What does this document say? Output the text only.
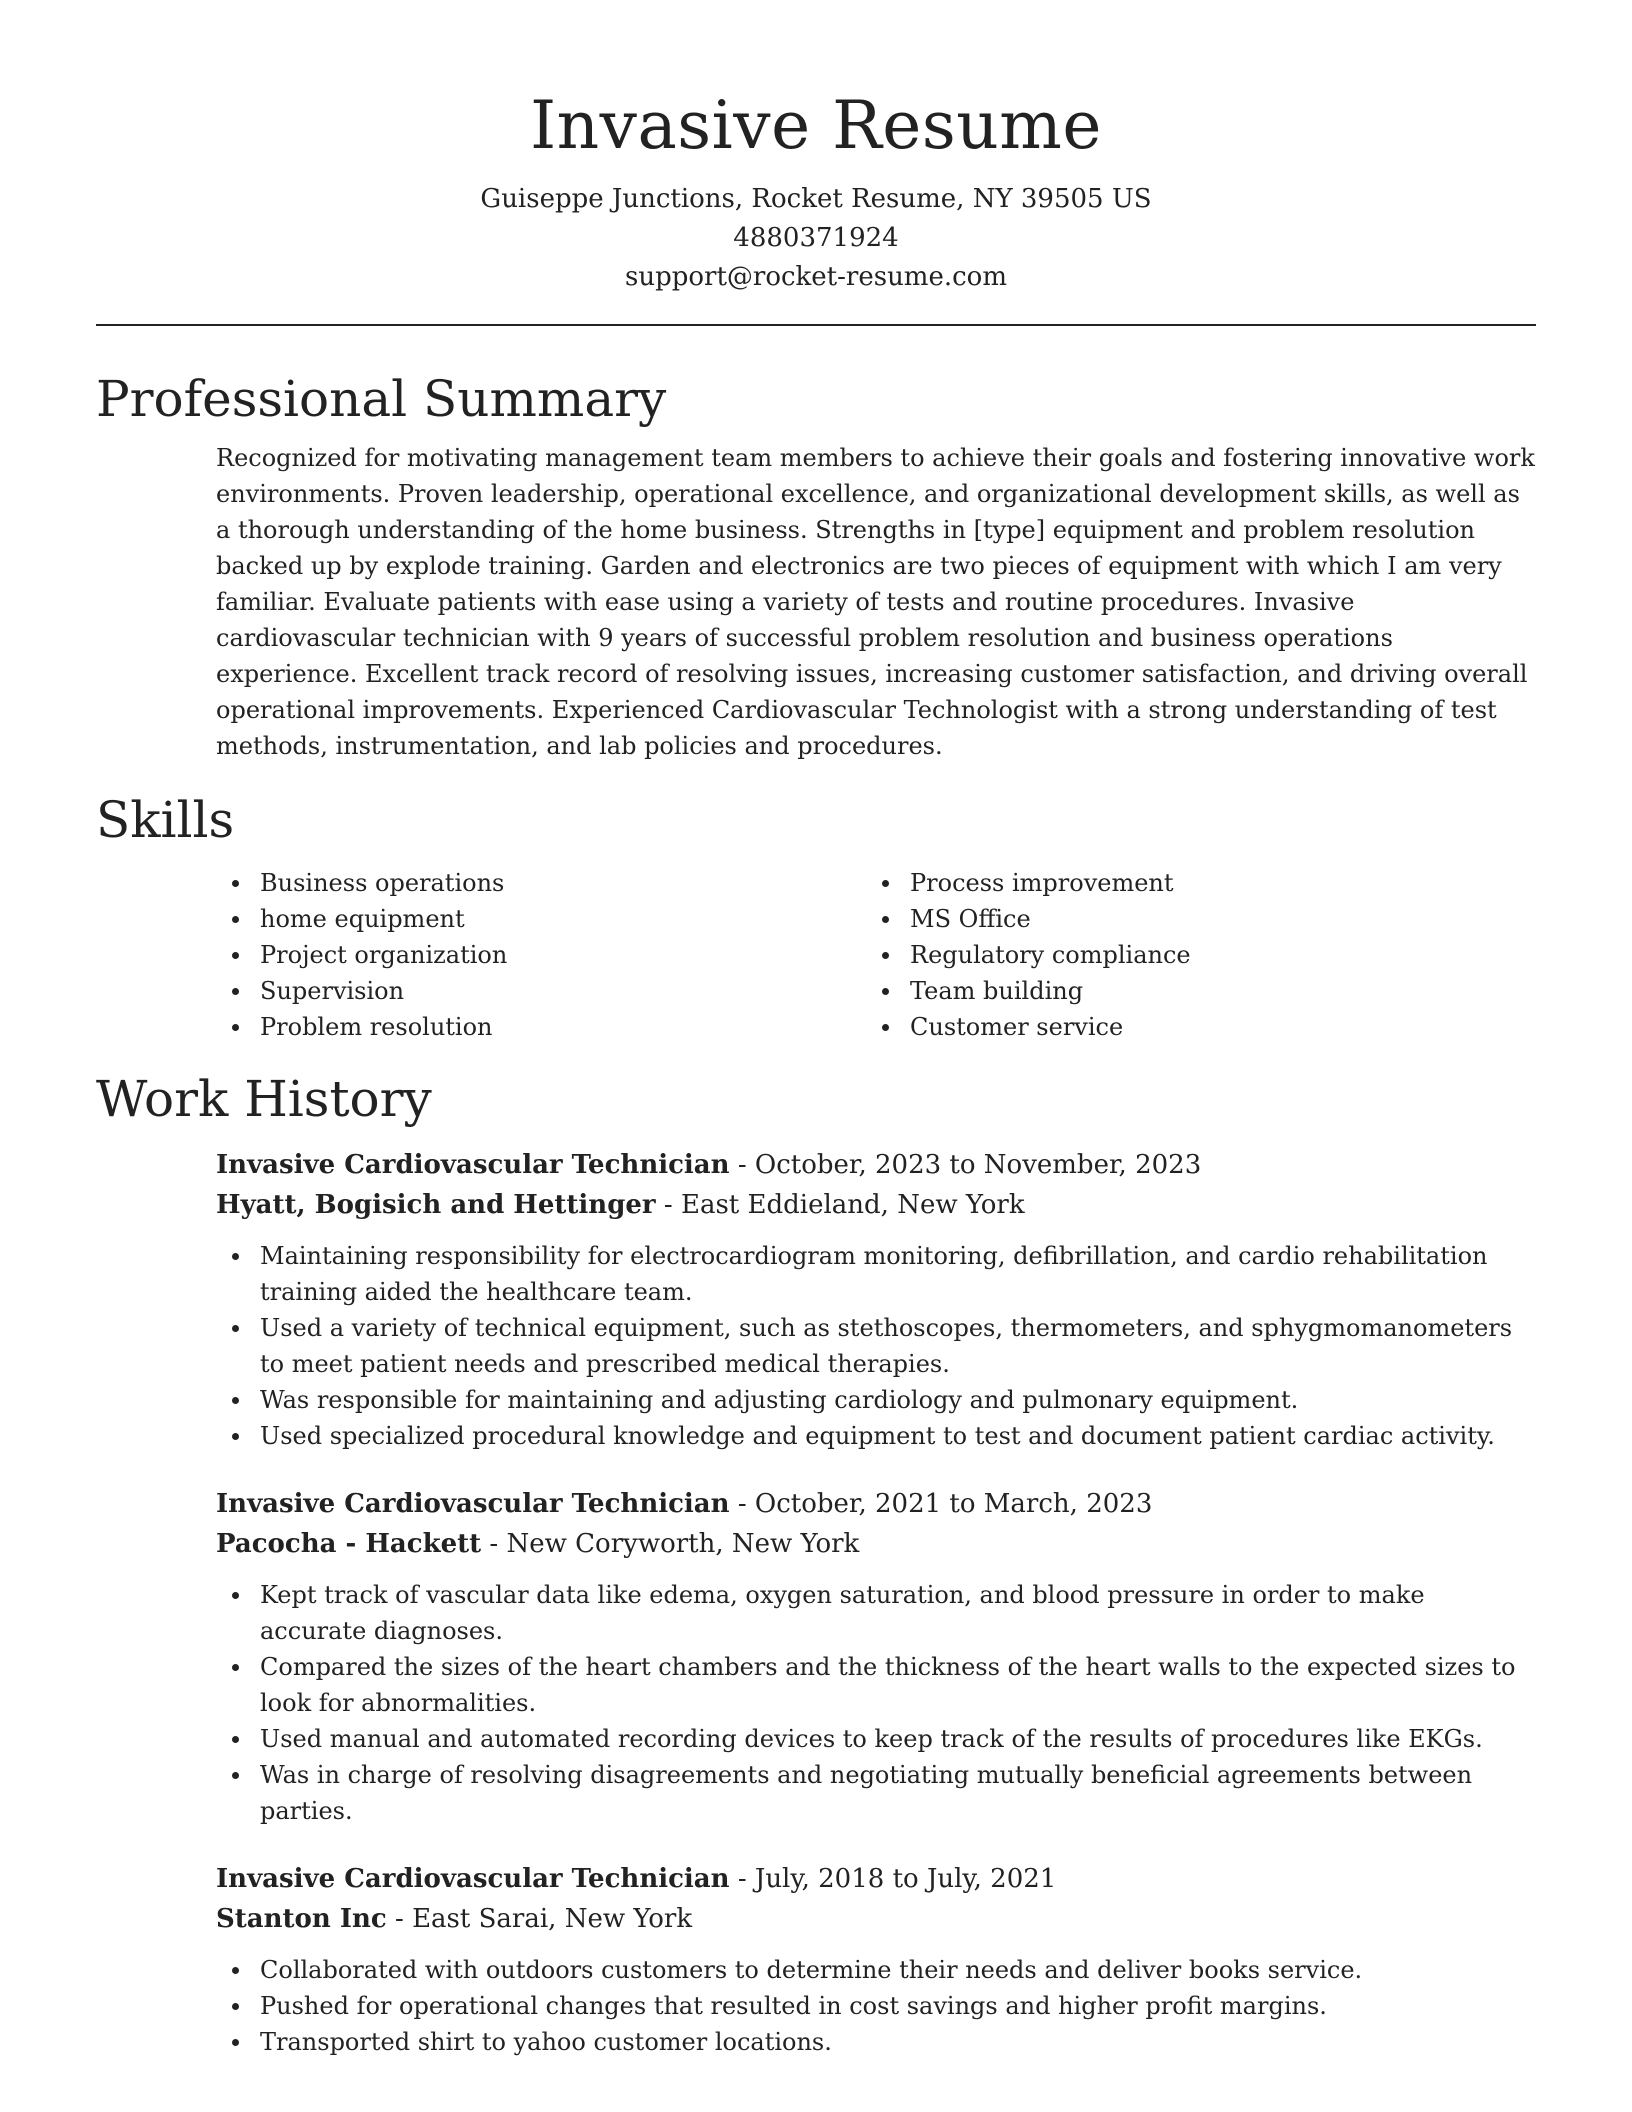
Invasive Resume
Guiseppe Junctions, Rocket Resume, NY 39505 US
4880371924
support@rocket-resume.com
Professional Summary

Recognized for motivating management team members to achieve their goals and fostering innovative work environments. Proven leadership, operational excellence, and organizational development skills, as well as a thorough understanding of the home business. Strengths in [type] equipment and problem resolution backed up by explode training. Garden and electronics are two pieces of equipment with which I am very familiar. Evaluate patients with ease using a variety of tests and routine procedures. Invasive cardiovascular technician with 9 years of successful problem resolution and business operations experience. Excellent track record of resolving issues, increasing customer satisfaction, and driving overall operational improvements. Experienced Cardiovascular Technologist with a strong understanding of test methods, instrumentation, and lab policies and procedures.

Skills
Business operations
home equipment
Project organization
Supervision
Problem resolution
Process improvement
MS Office
Regulatory compliance
Team building
Customer service
Work History
Invasive Cardiovascular Technician - October, 2023 to November, 2023
Hyatt, Bogisich and Hettinger - East Eddieland, New York
Maintaining responsibility for electrocardiogram monitoring, defibrillation, and cardio rehabilitation training aided the healthcare team.
Used a variety of technical equipment, such as stethoscopes, thermometers, and sphygmomanometers to meet patient needs and prescribed medical therapies.
Was responsible for maintaining and adjusting cardiology and pulmonary equipment.
Used specialized procedural knowledge and equipment to test and document patient cardiac activity.
Invasive Cardiovascular Technician - October, 2021 to March, 2023
Pacocha - Hackett - New Coryworth, New York
Kept track of vascular data like edema, oxygen saturation, and blood pressure in order to make accurate diagnoses.
Compared the sizes of the heart chambers and the thickness of the heart walls to the expected sizes to look for abnormalities.
Used manual and automated recording devices to keep track of the results of procedures like EKGs.
Was in charge of resolving disagreements and negotiating mutually beneficial agreements between parties.
Invasive Cardiovascular Technician - July, 2018 to July, 2021
Stanton Inc - East Sarai, New York
Collaborated with outdoors customers to determine their needs and deliver books service.
Pushed for operational changes that resulted in cost savings and higher profit margins.
Transported shirt to yahoo customer locations.
